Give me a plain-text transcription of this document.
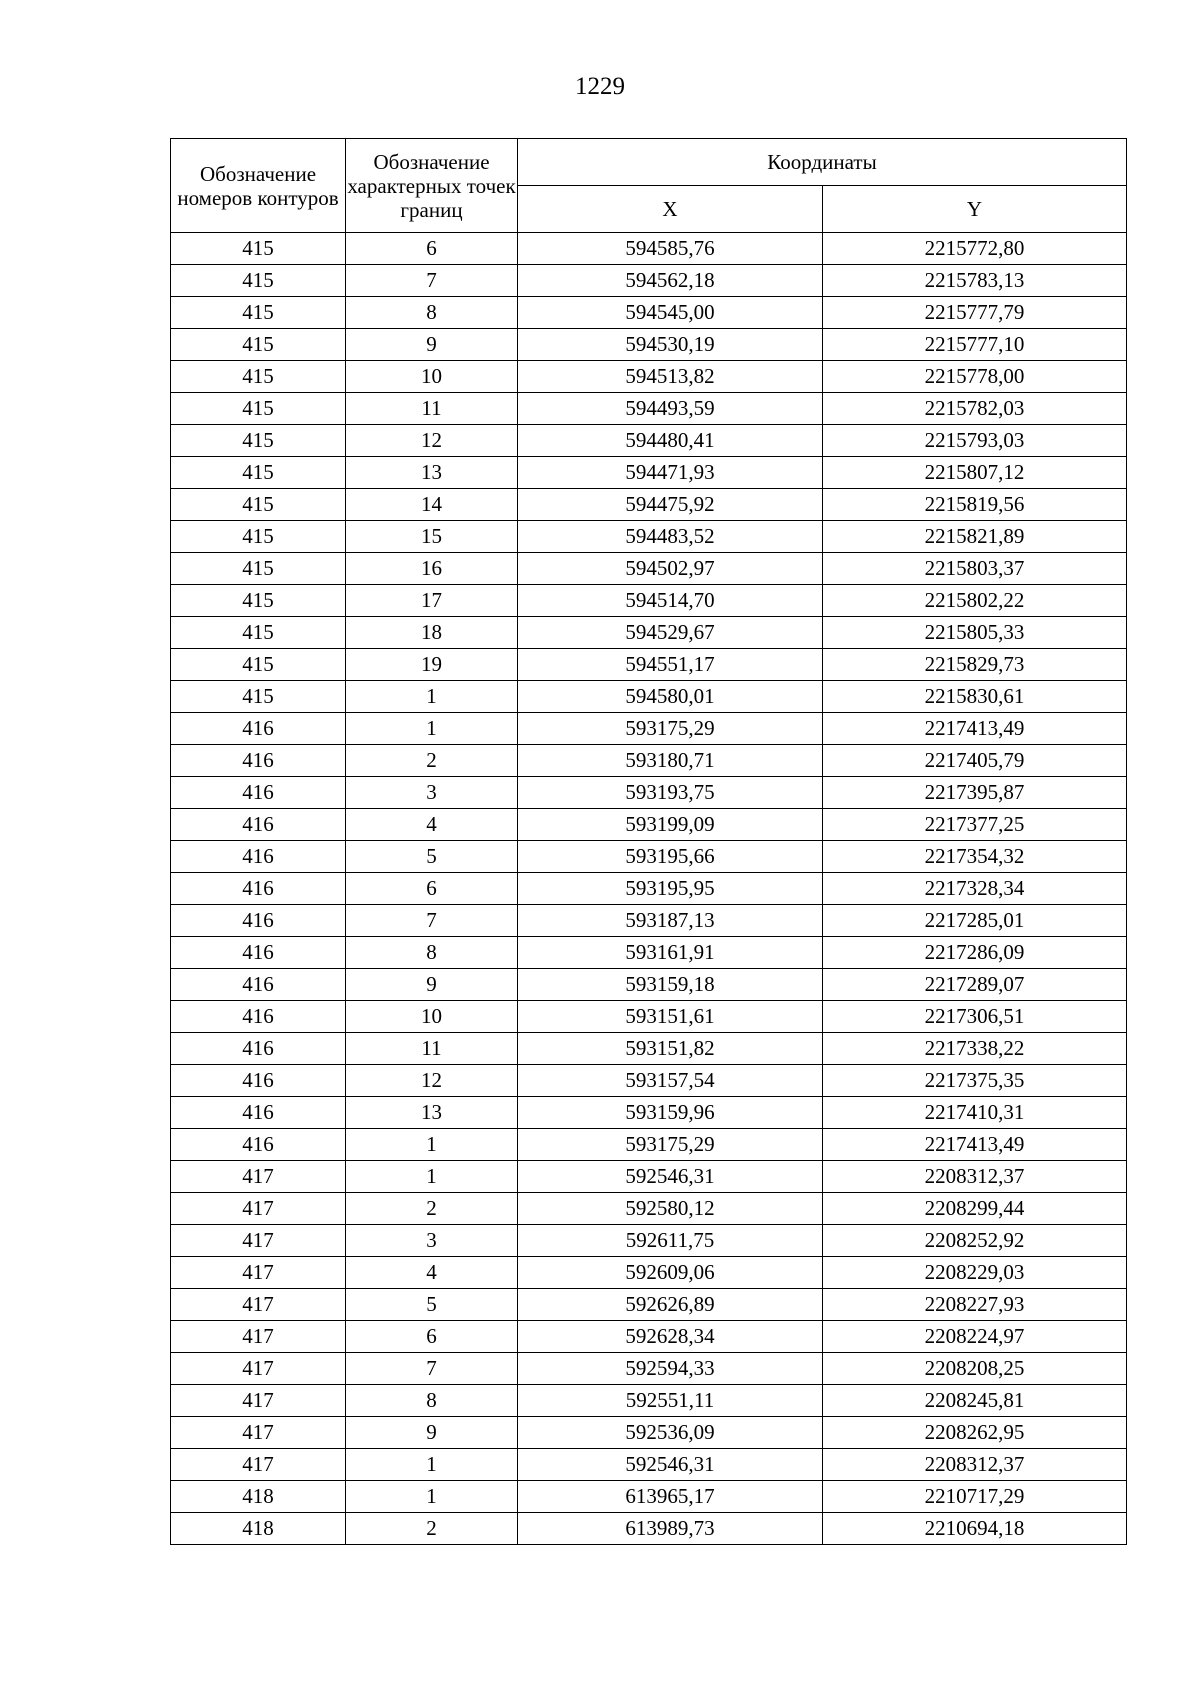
1229
Обозначение номеров контуров	Обозначение характерных точек границ	Координаты	
		X	Y
415	6	594585,76	2215772,80
415	7	594562,18	2215783,13
415	8	594545,00	2215777,79
415	9	594530,19	2215777,10
415	10	594513,82	2215778,00
415	11	594493,59	2215782,03
415	12	594480,41	2215793,03
415	13	594471,93	2215807,12
415	14	594475,92	2215819,56
415	15	594483,52	2215821,89
415	16	594502,97	2215803,37
415	17	594514,70	2215802,22
415	18	594529,67	2215805,33
415	19	594551,17	2215829,73
415	1	594580,01	2215830,61
416	1	593175,29	2217413,49
416	2	593180,71	2217405,79
416	3	593193,75	2217395,87
416	4	593199,09	2217377,25
416	5	593195,66	2217354,32
416	6	593195,95	2217328,34
416	7	593187,13	2217285,01
416	8	593161,91	2217286,09
416	9	593159,18	2217289,07
416	10	593151,61	2217306,51
416	11	593151,82	2217338,22
416	12	593157,54	2217375,35
416	13	593159,96	2217410,31
416	1	593175,29	2217413,49
417	1	592546,31	2208312,37
417	2	592580,12	2208299,44
417	3	592611,75	2208252,92
417	4	592609,06	2208229,03
417	5	592626,89	2208227,93
417	6	592628,34	2208224,97
417	7	592594,33	2208208,25
417	8	592551,11	2208245,81
417	9	592536,09	2208262,95
417	1	592546,31	2208312,37
418	1	613965,17	2210717,29
418	2	613989,73	2210694,18
